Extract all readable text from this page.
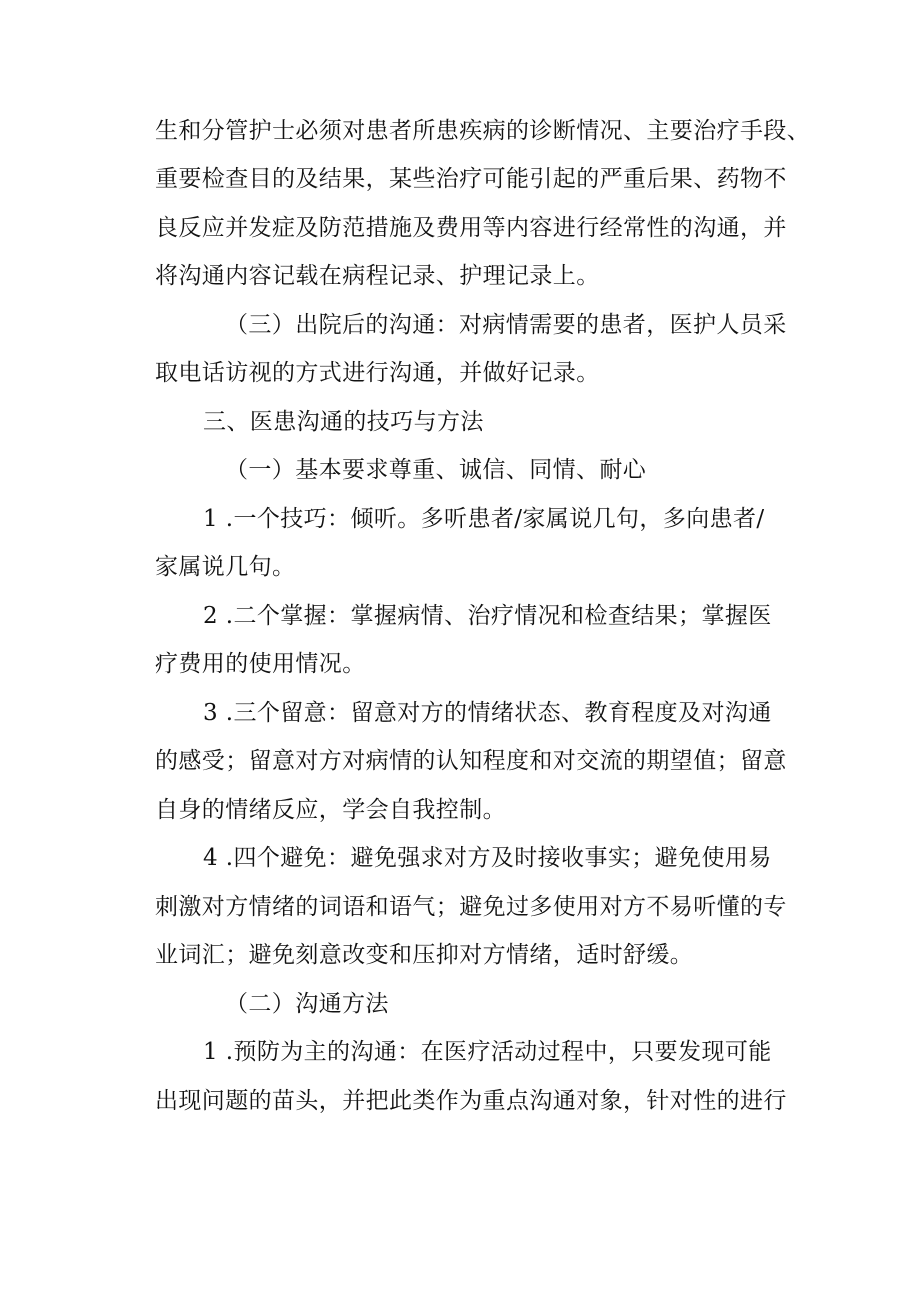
生和分管护士必须对患者所患疾病的诊断情况、主要治疗手段、
重要检查目的及结果，某些治疗可能引起的严重后果、药物不
良反应并发症及防范措施及费用等内容进行经常性的沟通，并
将沟通内容记载在病程记录、护理记录上。
（三）出院后的沟通：对病情需要的患者，医护人员采
取电话访视的方式进行沟通，并做好记录。
三、医患沟通的技巧与方法
（一）基本要求尊重、诚信、同情、耐心
1 .一个技巧：倾听。多听患者/家属说几句，多向患者/
家属说几句。
2 .二个掌握：掌握病情、治疗情况和检查结果；掌握医
疗费用的使用情况。
3 .三个留意：留意对方的情绪状态、教育程度及对沟通
的感受；留意对方对病情的认知程度和对交流的期望值；留意
自身的情绪反应，学会自我控制。
4 .四个避免：避免强求对方及时接收事实；避免使用易
刺激对方情绪的词语和语气；避免过多使用对方不易听懂的专
业词汇；避免刻意改变和压抑对方情绪，适时舒缓。
（二）沟通方法
1 .预防为主的沟通：在医疗活动过程中，只要发现可能
出现问题的苗头，并把此类作为重点沟通对象，针对性的进行
